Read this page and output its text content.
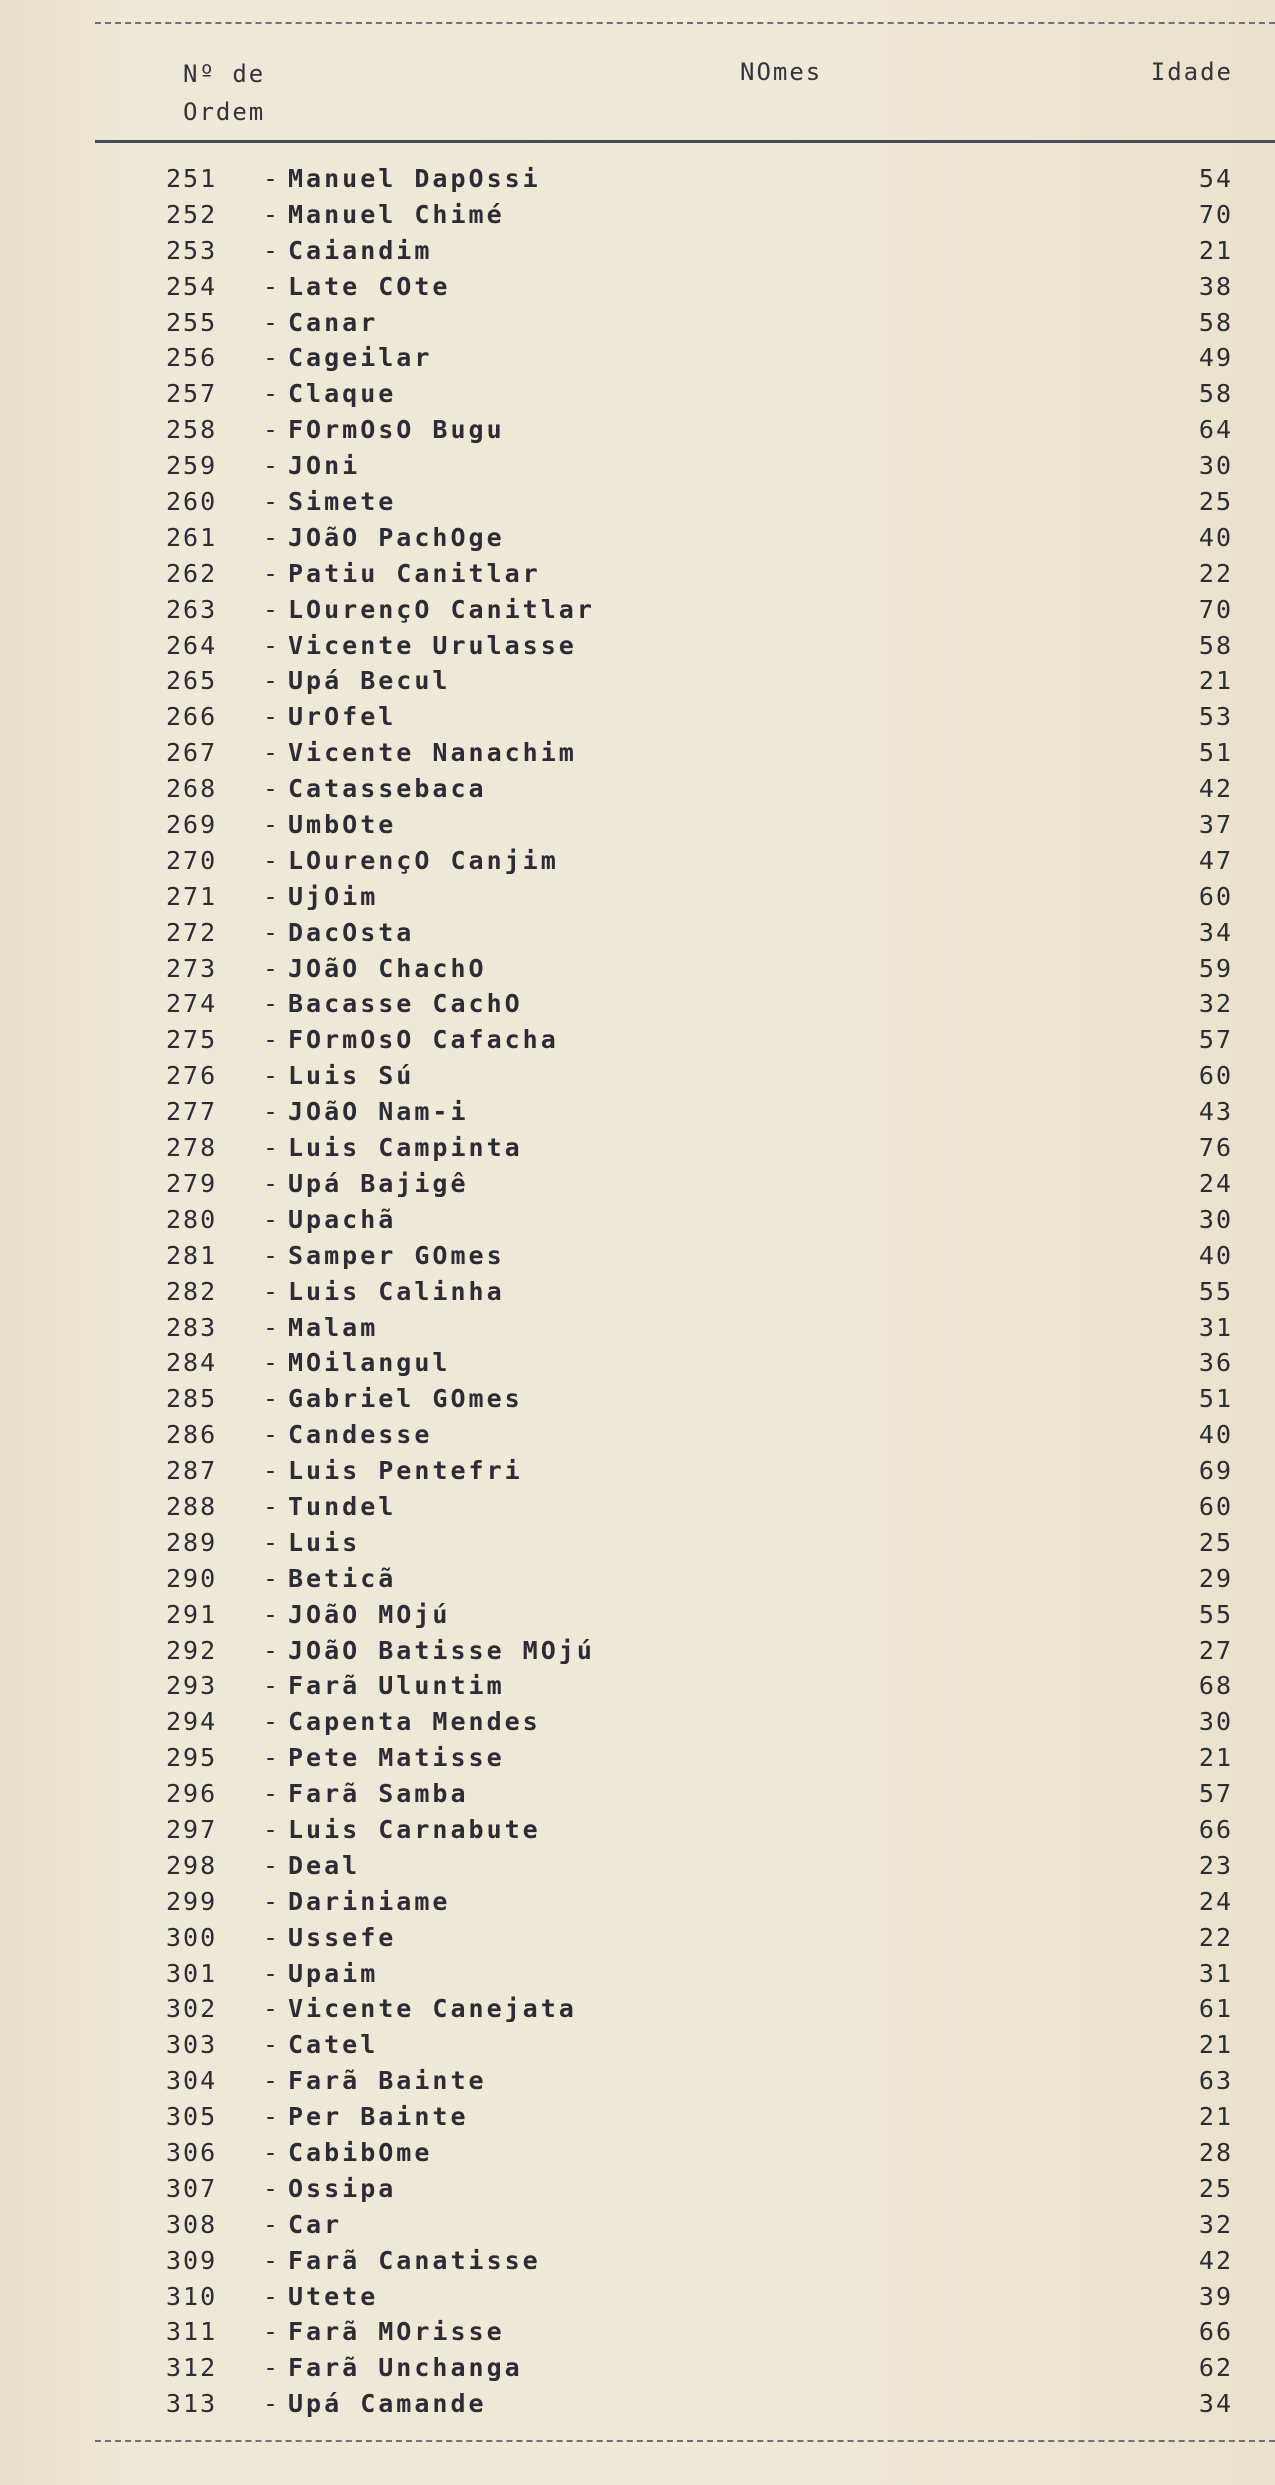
Nº de
Ordem
NOmes	Idade
251 - Manuel DapOssi	54
252 - Manuel Chimé	70
253 - Caiandim	21
254 - Late COte	38
255 - Canar	58
256 - Cageilar	49
257 - Claque	58
258 - FOrmOsO Bugu	64
259 - JOni	30
260 - Simete	25
261 - JOãO PachOge	40
262 - Patiu Canitlar	22
263 - LOurençO Canitlar	70
264 - Vicente Urulasse	58
265 - Upá Becul	21
266 - UrOfel	53
267 - Vicente Nanachim	51
268 - Catassebaca	42
269 - UmbOte	37
270 - LOurençO Canjim	47
271 - UjOim	60
272 - DacOsta	34
273 - JOãO ChachO	59
274 - Bacasse CachO	32
275 - FOrmOsO Cafacha	57
276 - Luis Sú	60
277 - JOãO Nam-i	43
278 - Luis Campinta	76
279 - Upá Bajigê	24
280 - Upachã	30
281 - Samper GOmes	40
282 - Luis Calinha	55
283 - Malam	31
284 - MOilangul	36
285 - Gabriel GOmes	51
286 - Candesse	40
287 - Luis Pentefri	69
288 - Tundel	60
289 - Luis	25
290 - Beticã	29
291 - JOãO MOjú	55
292 - JOãO Batisse MOjú	27
293 - Farã Uluntim	68
294 - Capenta Mendes	30
295 - Pete Matisse	21
296 - Farã Samba	57
297 - Luis Carnabute	66
298 - Deal	23
299 - Dariniame	24
300 - Ussefe	22
301 - Upaim	31
302 - Vicente Canejata	61
303 - Catel	21
304 - Farã Bainte	63
305 - Per Bainte	21
306 - CabibOme	28
307 - Ossipa	25
308 - Car	32
309 - Farã Canatisse	42
310 - Utete	39
311 - Farã MOrisse	66
312 - Farã Unchanga	62
313 - Upá Camande	34
